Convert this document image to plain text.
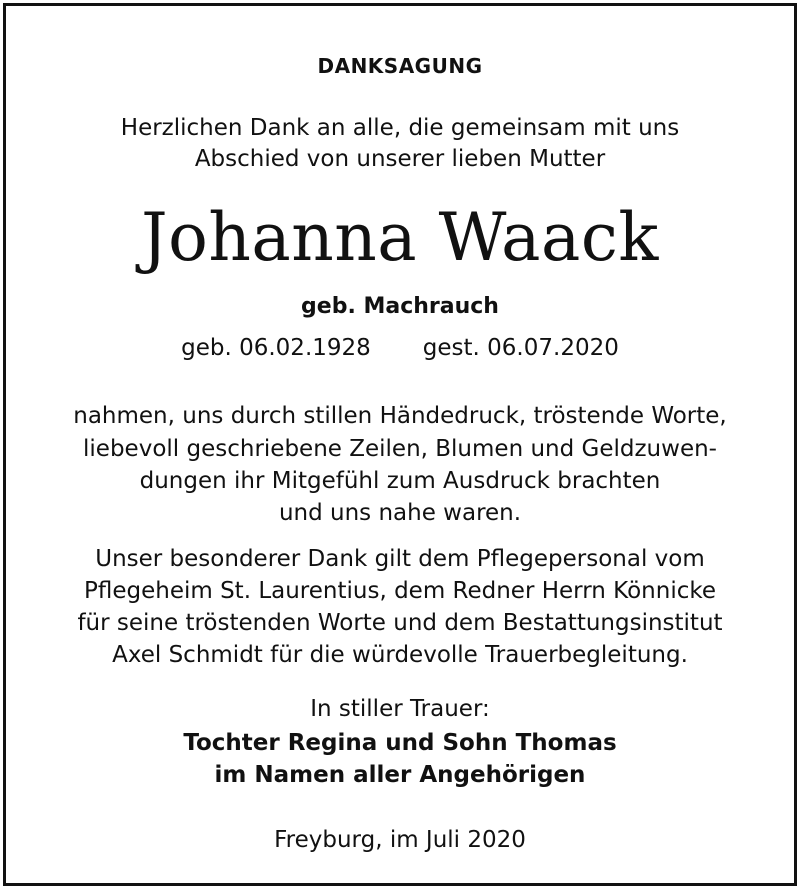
DANKSAGUNG
Herzlichen Dank an alle, die gemeinsam mit uns
Abschied von unserer lieben Mutter
Johanna Waack
geb. Machrauch
geb. 06.02.1928 gest. 06.07.2020
nahmen, uns durch stillen Händedruck, tröstende Worte,
liebevoll geschriebene Zeilen, Blumen und Geldzuwen-
dungen ihr Mitgefühl zum Ausdruck brachten
und uns nahe waren.
Unser besonderer Dank gilt dem Pflegepersonal vom
Pflegeheim St. Laurentius, dem Redner Herrn Könnicke
für seine tröstenden Worte und dem Bestattungsinstitut
Axel Schmidt für die würdevolle Trauerbegleitung.
In stiller Trauer:
Tochter Regina und Sohn Thomas
im Namen aller Angehörigen
Freyburg, im Juli 2020
